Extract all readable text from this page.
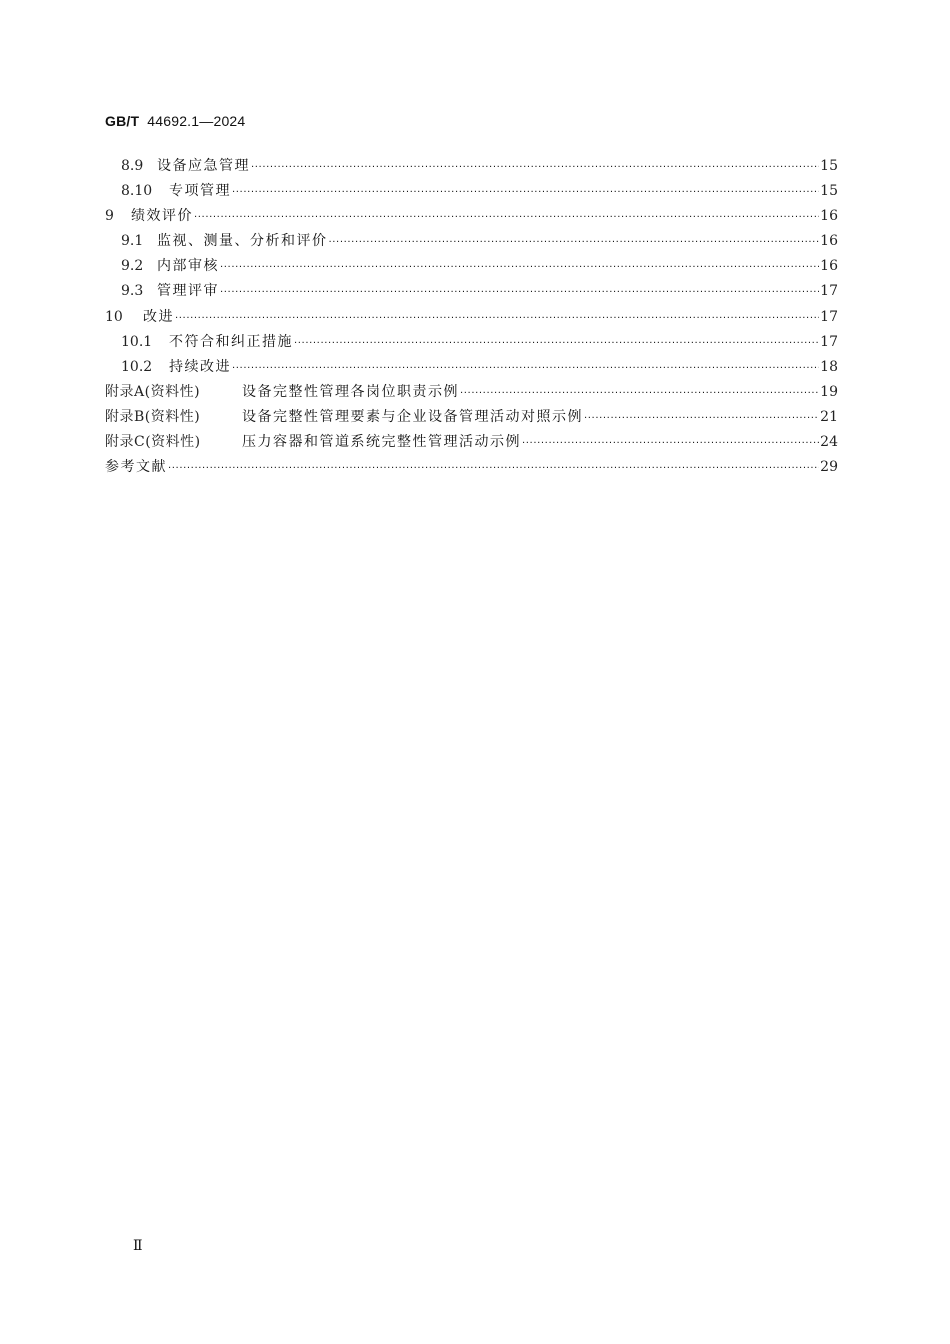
GB/T 44692.1—2024
8.9 设备应急管理 ·····	15
8.10	专项管理 ·····	15
9	绩效评价 ·····	16
9.1 监视、测量、分析和评价 ·····	16
9.2 内部审核 ·····	16
9.3 管理评审 ·····	17
10	改进 ·····	17
10.1	不符合和纠正措施 ·····	17
10.2	持续改进 ·····	18
附录A(资料性)	设备完整性管理各岗位职责示例 ·····	19
附录B(资料性)	设备完整性管理要素与企业设备管理活动对照示例 ·····	21
附录C(资料性)	压力容器和管道系统完整性管理活动示例 ·····	24
参考文献 ·····	29
Ⅱ
